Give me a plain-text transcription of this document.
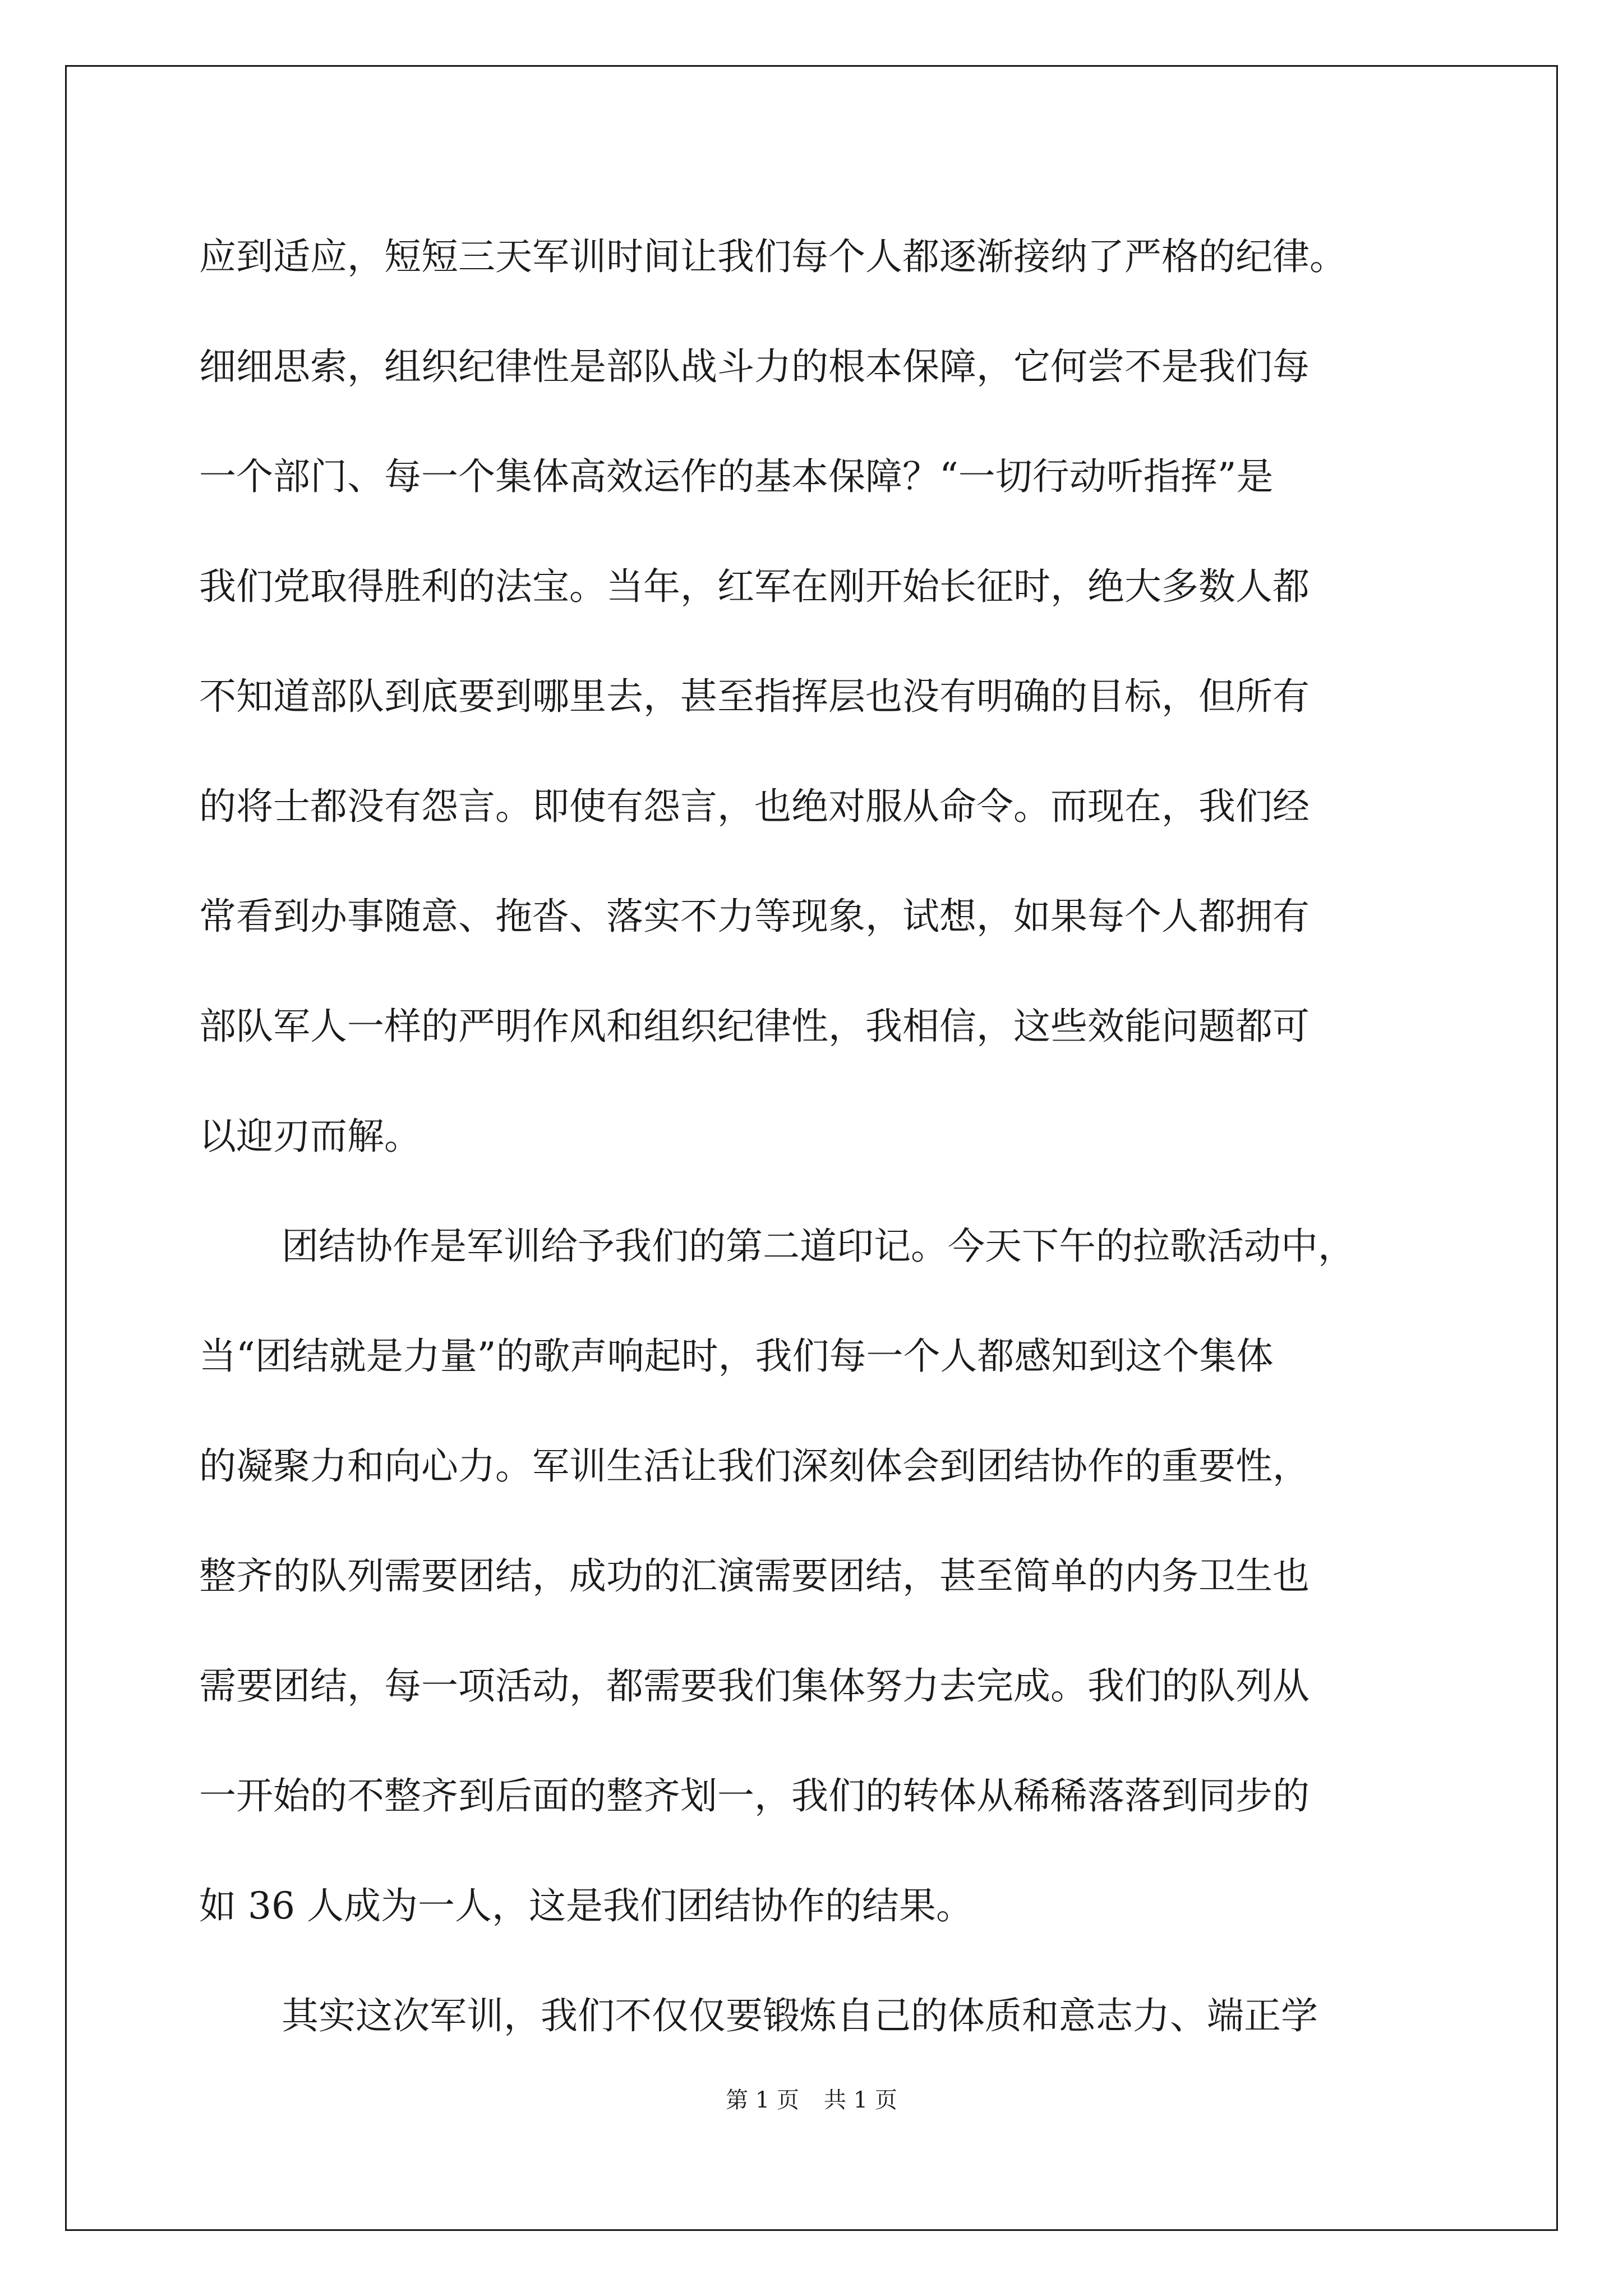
应到适应，短短三天军训时间让我们每个人都逐渐接纳了严格的纪律。
细细思索，组织纪律性是部队战斗力的根本保障，它何尝不是我们每
一个部门、每一个集体高效运作的基本保障？“一切行动听指挥”是
我们党取得胜利的法宝。当年，红军在刚开始长征时，绝大多数人都
不知道部队到底要到哪里去，甚至指挥层也没有明确的目标，但所有
的将士都没有怨言。即使有怨言，也绝对服从命令。而现在，我们经
常看到办事随意、拖沓、落实不力等现象，试想，如果每个人都拥有
部队军人一样的严明作风和组织纪律性，我相信，这些效能问题都可
以迎刃而解。
团结协作是军训给予我们的第二道印记。今天下午的拉歌活动中，
当“团结就是力量”的歌声响起时，我们每一个人都感知到这个集体
的凝聚力和向心力。军训生活让我们深刻体会到团结协作的重要性，
整齐的队列需要团结，成功的汇演需要团结，甚至简单的内务卫生也
需要团结，每一项活动，都需要我们集体努力去完成。我们的队列从
一开始的不整齐到后面的整齐划一，我们的转体从稀稀落落到同步的
如 36 人成为一人，这是我们团结协作的结果。
其实这次军训，我们不仅仅要锻炼自己的体质和意志力、端正学
第 1 页 共 1 页
